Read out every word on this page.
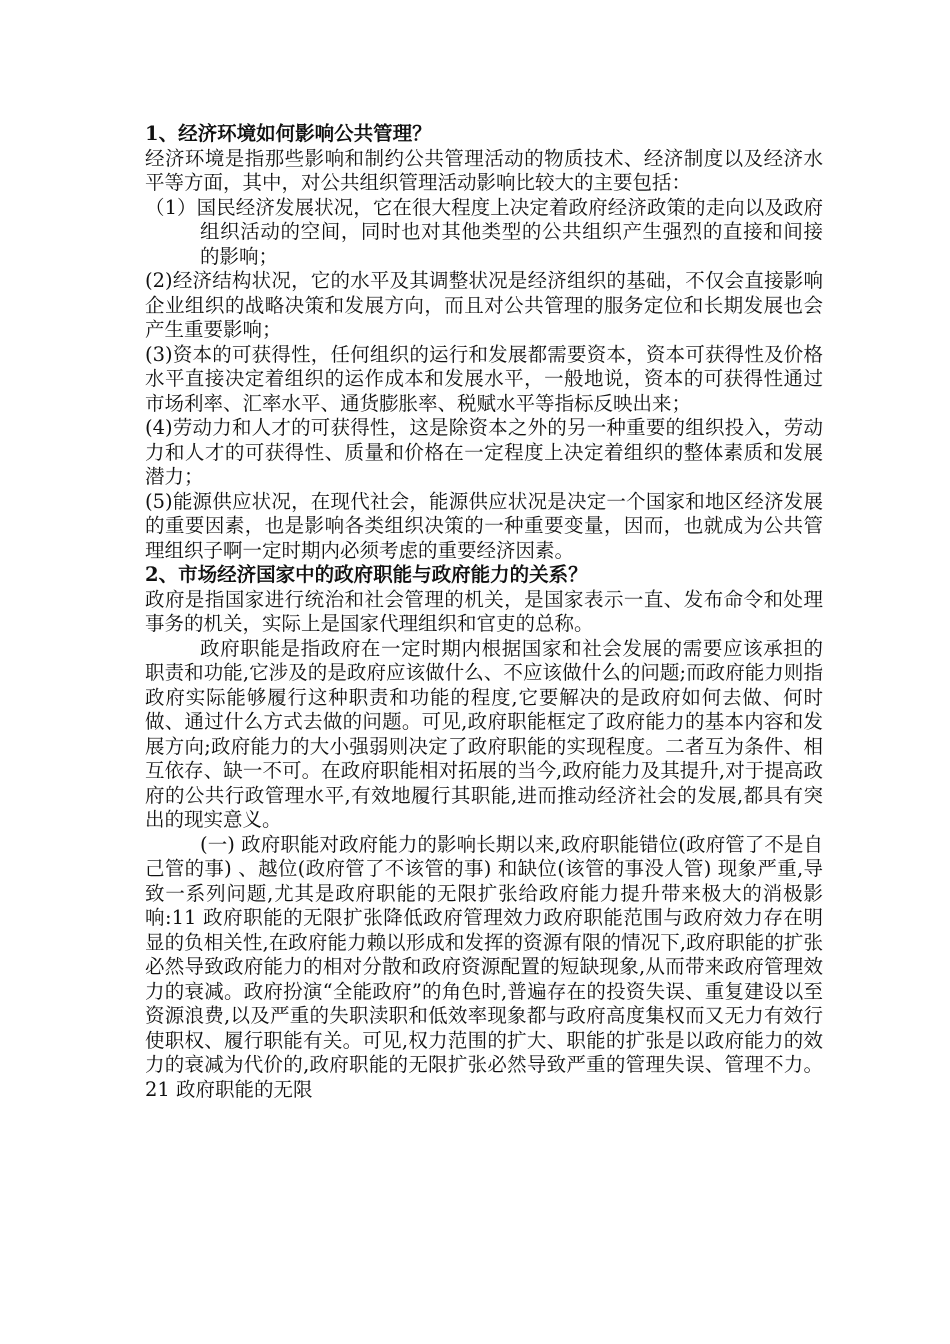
1、经济环境如何影响公共管理？

经济环境是指那些影响和制约公共管理活动的物质技术、经济制度以及经济水平等方面，其中，对公共组织管理活动影响比较大的主要包括：

（1）国民经济发展状况，它在很大程度上决定着政府经济政策的走向以及政府组织活动的空间，同时也对其他类型的公共组织产生强烈的直接和间接的影响；

(2)经济结构状况，它的水平及其调整状况是经济组织的基础，不仅会直接影响企业组织的战略决策和发展方向，而且对公共管理的服务定位和长期发展也会产生重要影响；

(3)资本的可获得性，任何组织的运行和发展都需要资本，资本可获得性及价格水平直接决定着组织的运作成本和发展水平，一般地说，资本的可获得性通过市场利率、汇率水平、通货膨胀率、税赋水平等指标反映出来；

(4)劳动力和人才的可获得性，这是除资本之外的另一种重要的组织投入，劳动力和人才的可获得性、质量和价格在一定程度上决定着组织的整体素质和发展潜力；

(5)能源供应状况，在现代社会，能源供应状况是决定一个国家和地区经济发展的重要因素，也是影响各类组织决策的一种重要变量，因而，也就成为公共管理组织子啊一定时期内必须考虑的重要经济因素。

2、市场经济国家中的政府职能与政府能力的关系？

政府是指国家进行统治和社会管理的机关，是国家表示一直、发布命令和处理事务的机关，实际上是国家代理组织和官吏的总称。

政府职能是指政府在一定时期内根据国家和社会发展的需要应该承担的职责和功能,它涉及的是政府应该做什么、不应该做什么的问题;而政府能力则指政府实际能够履行这种职责和功能的程度,它要解决的是政府如何去做、何时做、通过什么方式去做的问题。可见,政府职能框定了政府能力的基本内容和发展方向;政府能力的大小强弱则决定了政府职能的实现程度。二者互为条件、相互依存、缺一不可。在政府职能相对拓展的当今,政府能力及其提升,对于提高政府的公共行政管理水平,有效地履行其职能,进而推动经济社会的发展,都具有突出的现实意义。

(一) 政府职能对政府能力的影响长期以来,政府职能错位(政府管了不是自己管的事) 、越位(政府管了不该管的事) 和缺位(该管的事没人管) 现象严重,导致一系列问题,尤其是政府职能的无限扩张给政府能力提升带来极大的消极影响:11 政府职能的无限扩张降低政府管理效力政府职能范围与政府效力存在明显的负相关性,在政府能力赖以形成和发挥的资源有限的情况下,政府职能的扩张必然导致政府能力的相对分散和政府资源配置的短缺现象,从而带来政府管理效力的衰减。政府扮演“全能政府”的角色时,普遍存在的投资失误、重复建设以至资源浪费,以及严重的失职渎职和低效率现象都与政府高度集权而又无力有效行使职权、履行职能有关。可见,权力范围的扩大、职能的扩张是以政府能力的效力的衰减为代价的,政府职能的无限扩张必然导致严重的管理失误、管理不力。21 政府职能的无限
